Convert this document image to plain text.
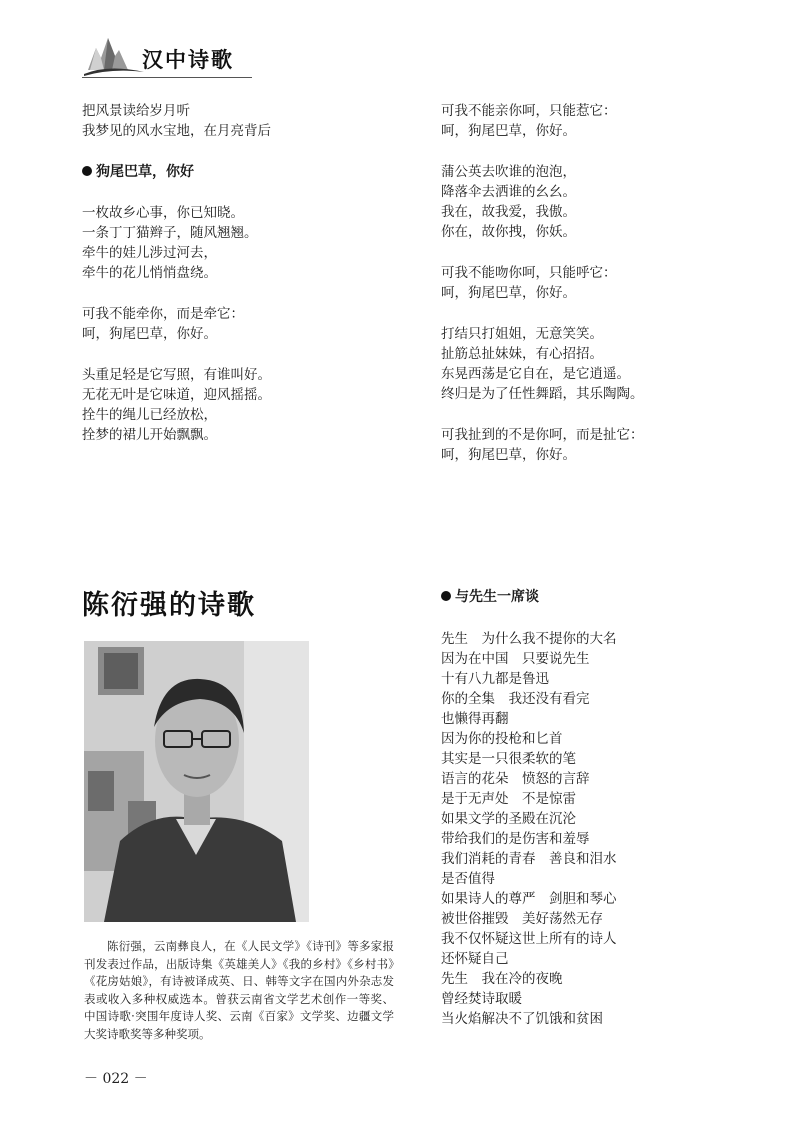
汉中诗歌
把风景读给岁月听
我梦见的风水宝地，在月亮背后
狗尾巴草，你好
一枚故乡心事，你已知晓。
一条丁丁猫辫子，随风翘翘。
牵牛的娃儿涉过河去，
牵牛的花儿悄悄盘绕。
可我不能牵你，而是牵它：
呵，狗尾巴草，你好。
头重足轻是它写照，有谁叫好。
无花无叶是它味道，迎风摇摇。
拴牛的绳儿已经放松，
拴梦的裙儿开始飘飘。
可我不能亲你呵，只能惹它：
呵，狗尾巴草，你好。
蒲公英去吹谁的泡泡，
降落伞去洒谁的幺幺。
我在，故我爱，我傲。
你在，故你拽，你妖。
可我不能吻你呵，只能呼它：
呵，狗尾巴草，你好。
打结只打姐姐，无意笑笑。
扯筋总扯妹妹，有心招招。
东晃西荡是它自在，是它逍遥。
终归是为了任性舞蹈，其乐陶陶。
可我扯到的不是你呵，而是扯它：
呵，狗尾巴草，你好。
陈衍强的诗歌
陈衍强，云南彝良人，在《人民文学》《诗刊》等多家报刊发表过作品，出版诗集《英雄美人》《我的乡村》《乡村书》《花房姑娘》，有诗被译成英、日、韩等文字在国内外杂志发表或收入多种权威选本。曾获云南省文学艺术创作一等奖、中国诗歌·突围年度诗人奖、云南《百家》文学奖、边疆文学大奖诗歌奖等多种奖项。
与先生一席谈
先生　为什么我不提你的大名
因为在中国　只要说先生
十有八九都是鲁迅
你的全集　我还没有看完
也懒得再翻
因为你的投枪和匕首
其实是一只很柔软的笔
语言的花朵　愤怒的言辞
是于无声处　不是惊雷
如果文学的圣殿在沉沦
带给我们的是伤害和羞辱
我们消耗的青春　善良和泪水
是否值得
如果诗人的尊严　剑胆和琴心
被世俗摧毁　美好荡然无存
我不仅怀疑这世上所有的诗人
还怀疑自己
先生　我在冷的夜晚
曾经焚诗取暖
当火焰解决不了饥饿和贫困
－ 022 －
